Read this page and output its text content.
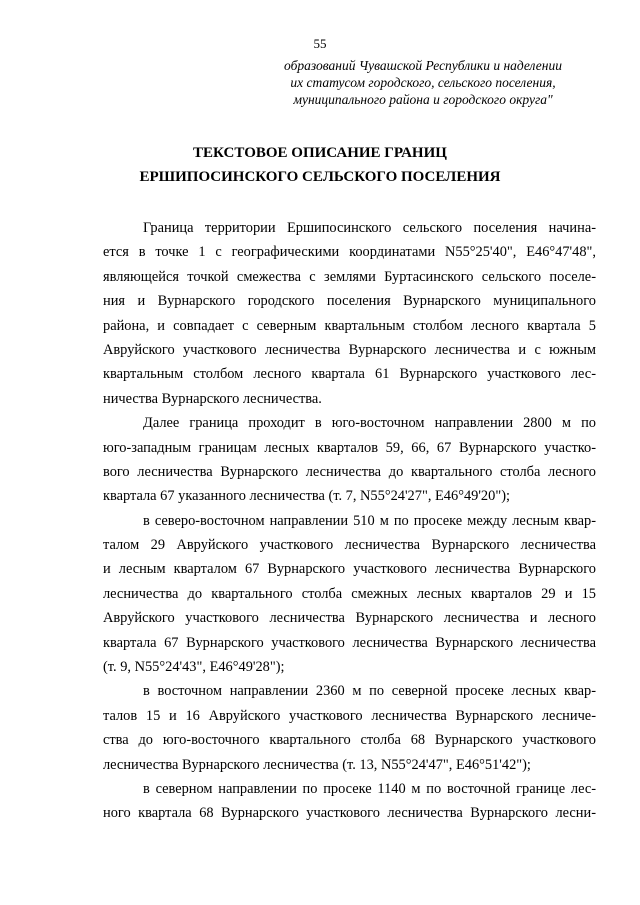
55
образований Чувашской Республики и наделении
их статусом городского, сельского поселения,
муниципального района и городского округа"
ТЕКСТОВОЕ ОПИСАНИЕ ГРАНИЦ
ЕРШИПОСИНСКОГО СЕЛЬСКОГО ПОСЕЛЕНИЯ
Граница территории Ершипосинского сельского поселения начина-
ется в точке 1 с географическими координатами N55°25'40", E46°47'48",
являющейся точкой смежества с землями Буртасинского сельского поселе-
ния и Вурнарского городского поселения Вурнарского муниципального
района, и совпадает с северным квартальным столбом лесного квартала 5
Авруйского участкового лесничества Вурнарского лесничества и с южным
квартальным столбом лесного квартала 61 Вурнарского участкового лес-
ничества Вурнарского лесничества.
Далее граница проходит в юго-восточном направлении 2800 м по
юго-западным границам лесных кварталов 59, 66, 67 Вурнарского участко-
вого лесничества Вурнарского лесничества до квартального столба лесного
квартала 67 указанного лесничества (т. 7, N55°24'27", E46°49'20");
в северо-восточном направлении 510 м по просеке между лесным квар-
талом 29 Авруйского участкового лесничества Вурнарского лесничества
и лесным кварталом 67 Вурнарского участкового лесничества Вурнарского
лесничества до квартального столба смежных лесных кварталов 29 и 15
Авруйского участкового лесничества Вурнарского лесничества и лесного
квартала 67 Вурнарского участкового лесничества Вурнарского лесничества
(т. 9, N55°24'43", E46°49'28");
в восточном направлении 2360 м по северной просеке лесных квар-
талов 15 и 16 Авруйского участкового лесничества Вурнарского лесниче-
ства до юго-восточного квартального столба 68 Вурнарского участкового
лесничества Вурнарского лесничества (т. 13, N55°24'47", E46°51'42");
в северном направлении по просеке 1140 м по восточной границе лес-
ного квартала 68 Вурнарского участкового лесничества Вурнарского лесни-
